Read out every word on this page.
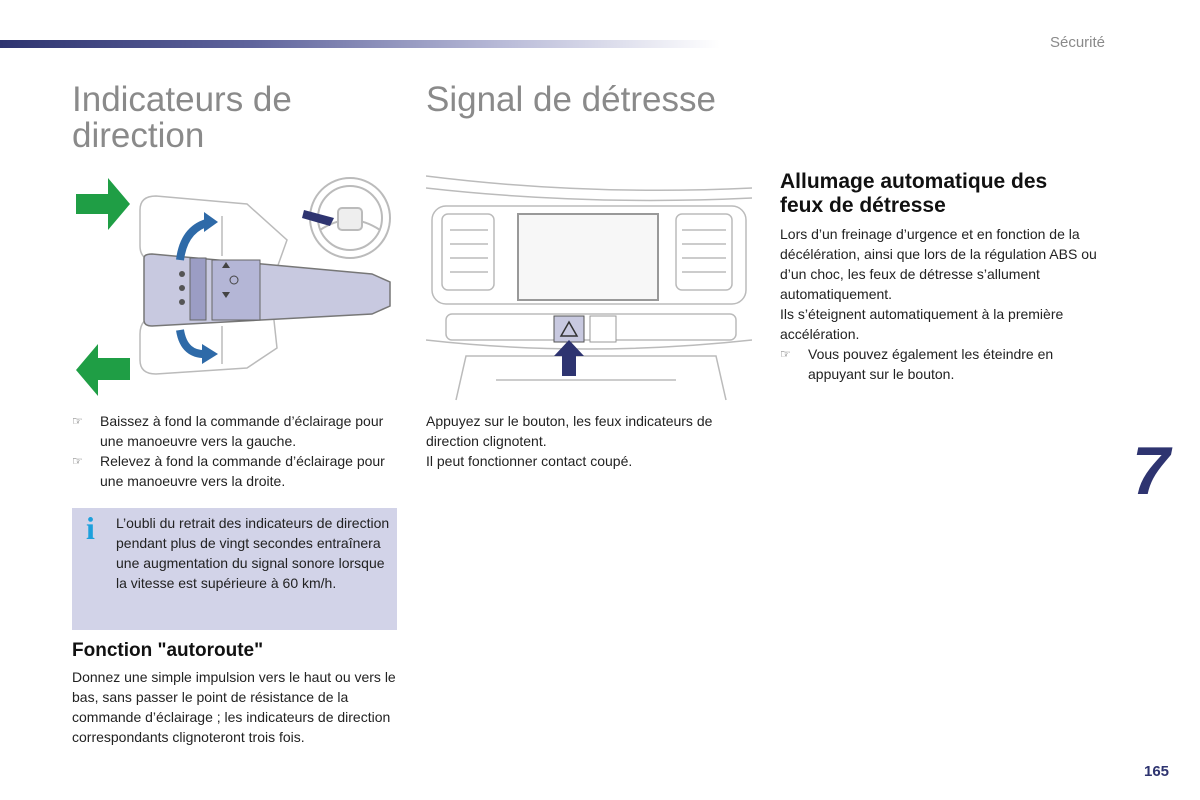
Sécurité
Indicateurs de
direction

☞ Baissez à fond la commande d’éclairage pour une manoeuvre vers la gauche.

☞ Relevez à fond la commande d’éclairage pour une manoeuvre vers la droite.

i L’oubli du retrait des indicateurs de direction pendant plus de vingt secondes entraînera une augmentation du signal sonore lorsque la vitesse est supérieure à 60 km/h.
Fonction "autoroute"
Donnez une simple impulsion vers le haut ou vers le bas, sans passer le point de résistance de la commande d’éclairage ; les indicateurs de direction correspondants clignoteront trois fois.
Signal de détresse

Appuyez sur le bouton, les feux indicateurs de direction clignotent.

Il peut fonctionner contact coupé.

Allumage automatique des
feux de détresse

Lors d’un freinage d’urgence et en fonction de la décélération, ainsi que lors de la régulation ABS ou d’un choc, les feux de détresse s’allument automatiquement.

Ils s’éteignent automatiquement à la première accélération.

☞ Vous pouvez également les éteindre en appuyant sur le bouton.

7
165
